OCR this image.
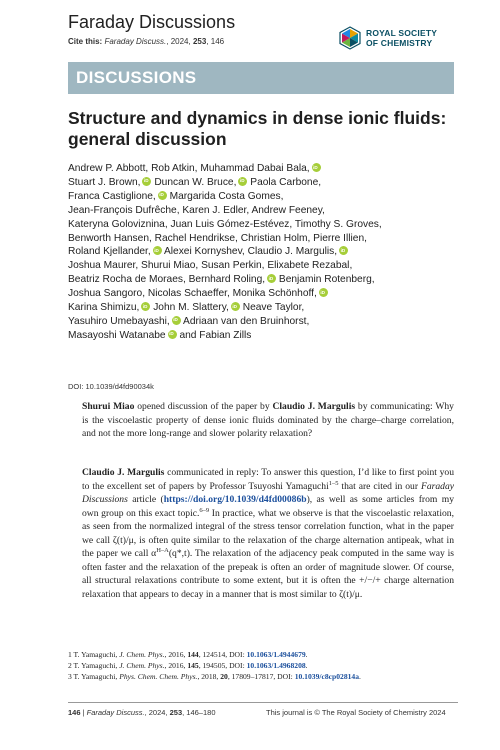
Faraday Discussions
Cite this: Faraday Discuss., 2024, 253, 146
ROYAL SOCIETY
OF CHEMISTRY
DISCUSSIONS
Structure and dynamics in dense ionic fluids: general discussion
Andrew P. Abbott, Rob Atkin, Muhammad Dabai Bala,iD
Stuart J. Brown, iD Duncan W. Bruce, iD Paola Carbone,
Franca Castiglione, iD Margarida Costa Gomes,
Jean-François Dufrêche, Karen J. Edler, Andrew Feeney,
Kateryna Goloviznina, Juan Luis Gómez-Estévez, Timothy S. Groves,
Benworth Hansen, Rachel Hendrikse, Christian Holm, Pierre Illien,
Roland Kjellander, iD Alexei Kornyshev, Claudio J. Margulis,iD
Joshua Maurer, Shurui Miao, Susan Perkin, Elixabete Rezabal,
Beatriz Rocha de Moraes, Bernhard Roling, iD Benjamin Rotenberg,
Joshua Sangoro, Nicolas Schaeffer, Monika Schönhoff,iD
Karina Shimizu, iD John M. Slattery, iD Neave Taylor,
Yasuhiro Umebayashi, iD Adriaan van den Bruinhorst,
Masayoshi Watanabe iD and Fabian Zills
DOI: 10.1039/d4fd90034k
Shurui Miao opened discussion of the paper by Claudio J. Margulis by communicating: Why is the viscoelastic property of dense ionic fluids dominated by the charge–charge correlation, and not the more long-range and slower polarity relaxation?
Claudio J. Margulis communicated in reply: To answer this question, I’d like to first point you to the excellent set of papers by Professor Tsuyoshi Yamaguchi$^{1-5}$ that are cited in our Faraday Discussions article (https://doi.org/10.1039/d4fd00086b), as well as some articles from my own group on this exact topic.$^{6-9}$ In practice, what we observe is that the viscoelastic relaxation, as seen from the normalized integral of the stress tensor correlation function, what in the paper we call ζ(t)/μ, is often quite similar to the relaxation of the charge alternation antipeak, what in the paper we call $\alpha^{H-A}(q*,t)$. The relaxation of the adjacency peak computed in the same way is often faster and the relaxation of the prepeak is often an order of magnitude slower. Of course, all structural relaxations contribute to some extent, but it is often the +/−/+ charge alternation relaxation that appears to decay in a manner that is most similar to ζ(t)/μ.
1 T. Yamaguchi, J. Chem. Phys., 2016, 144, 124514, DOI: 10.1063/1.4944679.
2 T. Yamaguchi, J. Chem. Phys., 2016, 145, 194505, DOI: 10.1063/1.4968208.
3 T. Yamaguchi, Phys. Chem. Chem. Phys., 2018, 20, 17809–17817, DOI: 10.1039/c8cp02814a.
146 | Faraday Discuss., 2024, 253, 146–180	This journal is © The Royal Society of Chemistry 2024
